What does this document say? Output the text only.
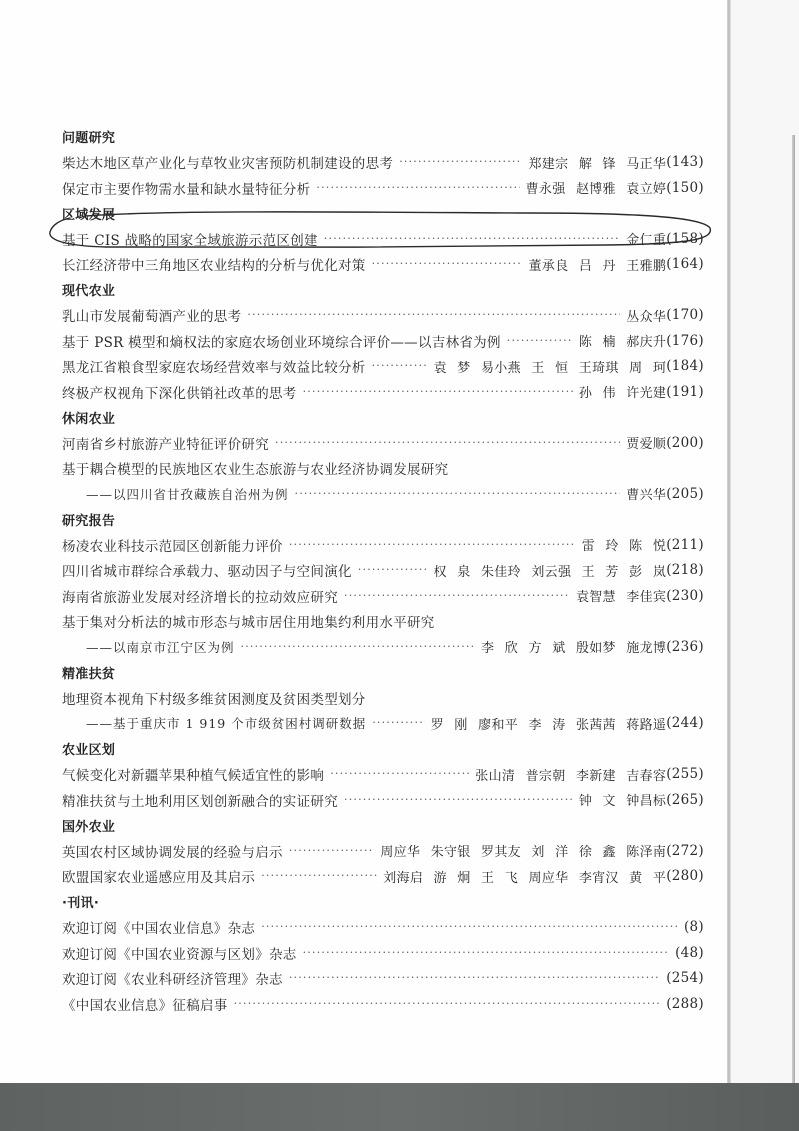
问题研究
柴达木地区草产业化与草牧业灾害预防机制建设的思考 ·····	郑建宗 解 锋 马正华 (143)
保定市主要作物需水量和缺水量特征分析 ·····	曹永强 赵博雅 袁立婷 (150)
区域发展
基于 CIS 战略的国家全域旅游示范区创建 ·····	金仁重 (158)
长江经济带中三角地区农业结构的分析与优化对策 ·····	董承良 吕 丹 王雅鹏 (164)
现代农业
乳山市发展葡萄酒产业的思考 ·····	丛众华 (170)
基于 PSR 模型和熵权法的家庭农场创业环境综合评价——以吉林省为例 ·····	陈 楠 郝庆升 (176)
黑龙江省粮食型家庭农场经营效率与效益比较分析 ·····	袁 梦 易小燕 王 恒 王琦琪 周 珂 (184)
终极产权视角下深化供销社改革的思考 ·····	孙 伟 许光建 (191)
休闲农业
河南省乡村旅游产业特征评价研究 ·····	贾爱顺 (200)
基于耦合模型的民族地区农业生态旅游与农业经济协调发展研究
——以四川省甘孜藏族自治州为例 ·····	曹兴华 (205)
研究报告
杨凌农业科技示范园区创新能力评价 ·····	雷 玲 陈 悦 (211)
四川省城市群综合承载力、驱动因子与空间演化 ·····	权 泉 朱佳玲 刘云强 王 芳 彭 岚 (218)
海南省旅游业发展对经济增长的拉动效应研究 ·····	袁智慧 李佳宾 (230)
基于集对分析法的城市形态与城市居住用地集约利用水平研究
——以南京市江宁区为例 ·····	李 欣 方 斌 殷如梦 施龙博 (236)
精准扶贫
地理资本视角下村级多维贫困测度及贫困类型划分
——基于重庆市 1 919 个市级贫困村调研数据 ·····	罗 刚 廖和平 李 涛 张茜茜 蒋路遥 (244)
农业区划
气候变化对新疆苹果种植气候适宜性的影响 ·····	张山清 普宗朝 李新建 吉春容 (255)
精准扶贫与土地利用区划创新融合的实证研究 ·····	钟 文 钟昌标 (265)
国外农业
英国农村区域协调发展的经验与启示 ·····	周应华 朱守银 罗其友 刘 洋 徐 鑫 陈泽南 (272)
欧盟国家农业遥感应用及其启示 ·····	刘海启 游 炯 王 飞 周应华 李宵汉 黄 平 (280)
·刊讯·
欢迎订阅《中国农业信息》杂志 ·····	(8)
欢迎订阅《中国农业资源与区划》杂志 ·····	(48)
欢迎订阅《农业科研经济管理》杂志 ·····	(254)
《中国农业信息》征稿启事 ·····	(288)
